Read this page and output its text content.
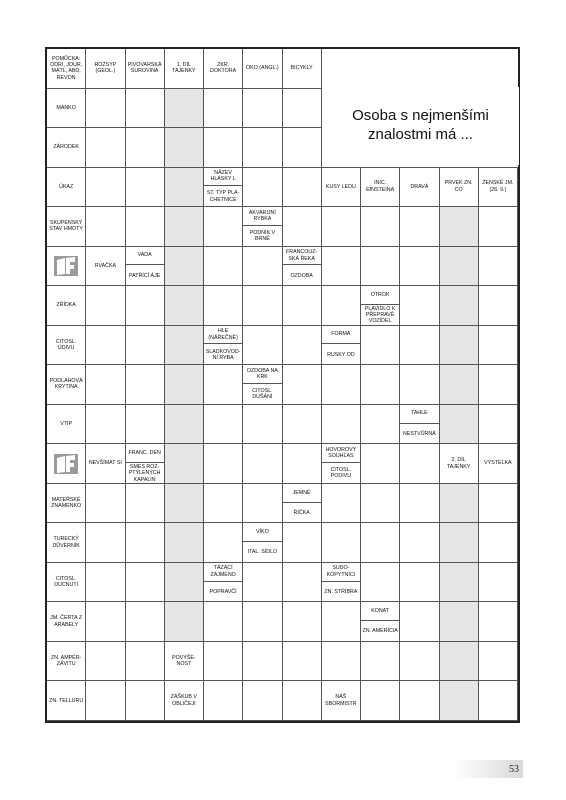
POMŮCKA: ODRI, JOUR, MÁTL, ABD, REVON
ROZSYP (GEOL.)
PIVOVARSKÁ SUROVINA
1. DÍL TAJENKY
ZKR. DOKTORA
OKO (ANGL.)	BICYKLY
MANKO
ZÁRODEK
ÚKAZ
NÁZEV HLÁSKY L
ST. TYP PLA-CHETNICE
KUSY LEDU
INIC. EINSTEINA
DRAVÁ
PRVEK ZN. CO
ŽENSKÉ JM. (26. 9.)
SKUPENSKÝ STAV HMOTY
AKVARIJNÍ RYBKA
PODNIK V BRNĚ
RVAČKA
VADA
PATŘÍCÍ ÁJE
FRANCOUZ-SKÁ ŘEKA
OZDOBA
ZŘÍDKA
OTROK
PLAVIDLO K PŘEPRAVĚ VOZIDEL
CITOSL. ÚDIVU
HLE (NÁŘEČNĚ)
SLADKOVOD-NÍ RYBA
FORMA
RUSKY OD
PODLAHOVÁ KRYTINA
OZDOBA NA KRK
CITOSL. DUŠÁNÍ
VTIP
TAHLE
NESTVŮRNÁ
NEVŠÍMAT SI
FRANC. DEN
SMĚS ROZ-PTÝLENÝCH KAPALIN
HOVOROVÝ SOUHLAS
CITOSL. PODIVU
2. DÍL TAJENKY
VÝSTELKA
MATEŘSKÉ ZNAMÉNKO
JEMNĚ
ŘÍČKA
TURECKÝ DŮVĚRNÍK
VÍKO
ITAL. SÍDLO
CITOSL. DUCNUTÍ
TÁZACÍ ZÁJMENO
POPRAVČÍ
SUDO-KOPYTNÍCI
ZN. STŘÍBRA
JM. ČERTA Z ARABELY
KONAT
ZN. AMERICIA
ZN. AMPÉR-ZÁVITU
POVÝŠE-NOST
ZN. TELLURU
ZÁŠKUB V OBLIČEJI
NÁŠ SBORMISTR
Osoba s nejmenšími znalostmi má ...
53
